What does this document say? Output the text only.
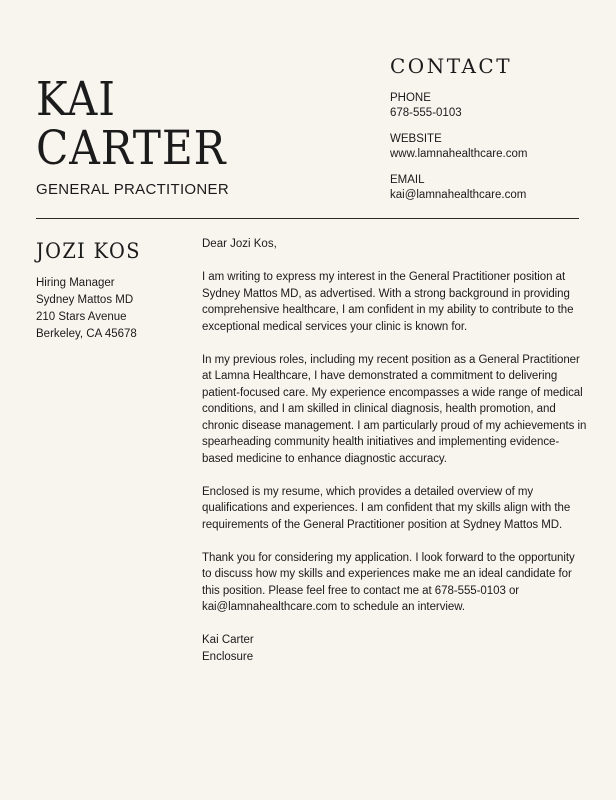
KAI
CARTER
GENERAL PRACTITIONER
CONTACT
PHONE
678-555-0103
WEBSITE
www.lamnahealthcare.com
EMAIL
kai@lamnahealthcare.com
JOZI KOS
Hiring Manager
Sydney Mattos MD
210 Stars Avenue
Berkeley, CA 45678

Dear Jozi Kos,

I am writing to express my interest in the General Practitioner position at Sydney Mattos MD, as advertised. With a strong background in providing comprehensive healthcare, I am confident in my ability to contribute to the exceptional medical services your clinic is known for.

In my previous roles, including my recent position as a General Practitioner at Lamna Healthcare, I have demonstrated a commitment to delivering patient-focused care. My experience encompasses a wide range of medical conditions, and I am skilled in clinical diagnosis, health promotion, and chronic disease management. I am particularly proud of my achievements in spearheading community health initiatives and implementing evidence-based medicine to enhance diagnostic accuracy.

Enclosed is my resume, which provides a detailed overview of my qualifications and experiences. I am confident that my skills align with the requirements of the General Practitioner position at Sydney Mattos MD.

Thank you for considering my application. I look forward to the opportunity to discuss how my skills and experiences make me an ideal candidate for this position. Please feel free to contact me at 678-555-0103 or kai@lamnahealthcare.com to schedule an interview.

Kai Carter
Enclosure
